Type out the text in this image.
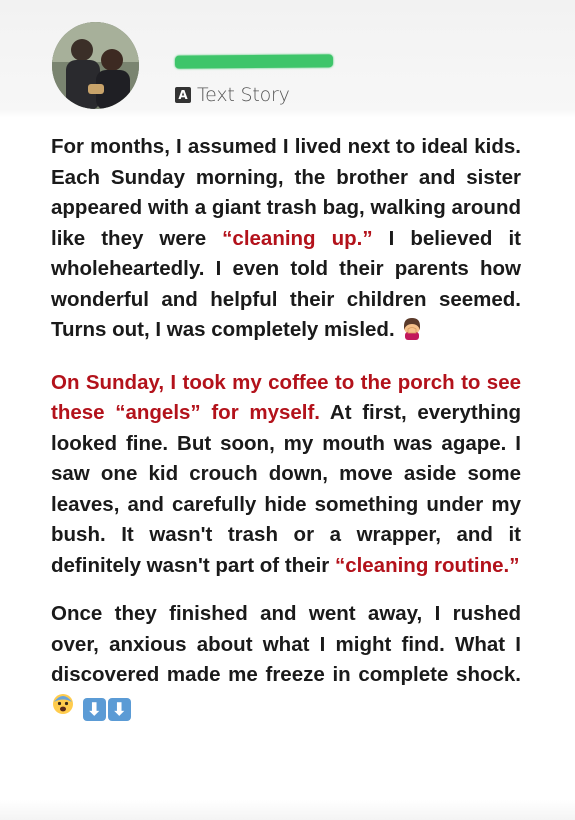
A Text Story

For months, I assumed I lived next to ideal kids. Each Sunday morning, the brother and sister appeared with a giant trash bag, walking around like they were “cleaning up.” I believed it wholeheartedly. I even told their parents how wonderful and helpful their children seemed. Turns out, I was completely misled.

On Sunday, I took my coffee to the porch to see these “angels” for myself. At first, everything looked fine. But soon, my mouth was agape. I saw one kid crouch down, move aside some leaves, and carefully hide something under my bush. It wasn't trash or a wrapper, and it definitely wasn't part of their “cleaning routine.”

Once they finished and went away, I rushed over, anxious about what I might find. What I discovered made me freeze in complete shock.  ⬇ ⬇
